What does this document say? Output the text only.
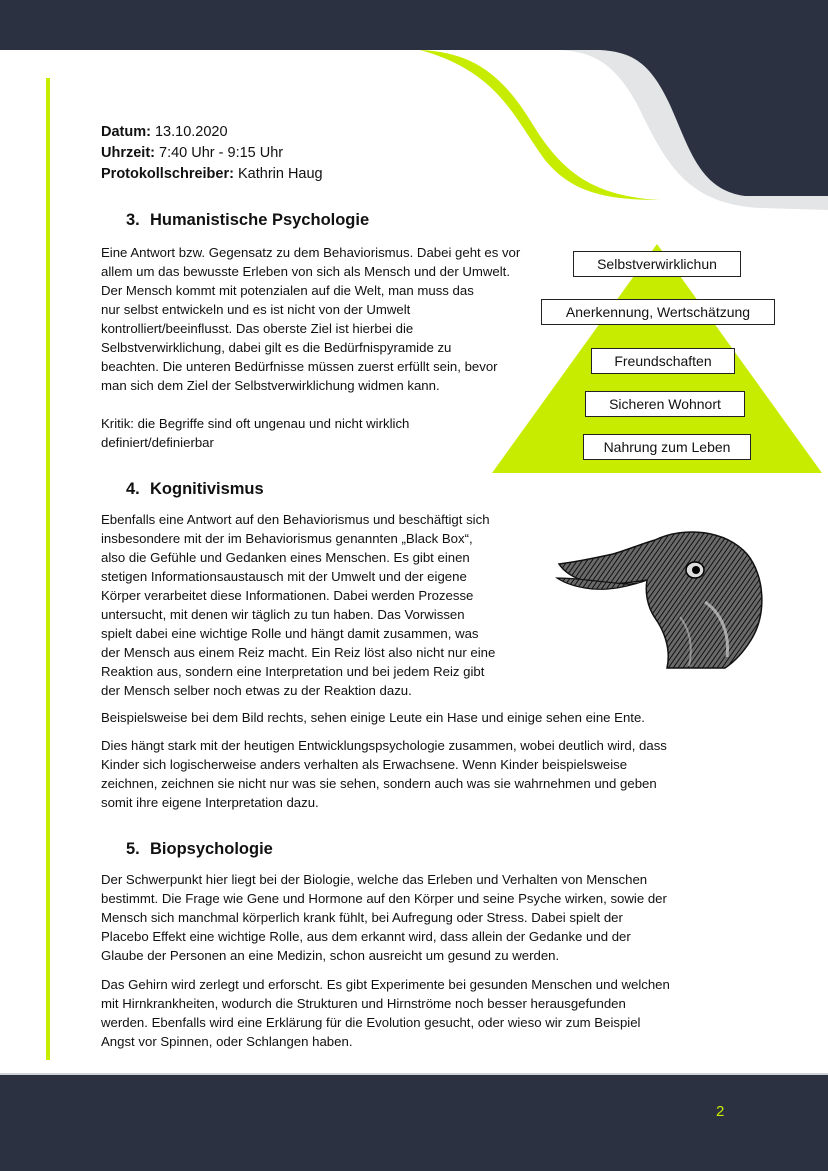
Datum: 13.10.2020
Uhrzeit: 7:40 Uhr - 9:15 Uhr
Protokollschreiber: Kathrin Haug
3. Humanistische Psychologie
Eine Antwort bzw. Gegensatz zu dem Behaviorismus. Dabei geht es vor
allem um das bewusste Erleben von sich als Mensch und der Umwelt.
Der Mensch kommt mit potenzialen auf die Welt, man muss das
nur selbst entwickeln und es ist nicht von der Umwelt
kontrolliert/beeinflusst. Das oberste Ziel ist hierbei die
Selbstverwirklichung, dabei gilt es die Bedürfnispyramide zu
beachten. Die unteren Bedürfnisse müssen zuerst erfüllt sein, bevor
man sich dem Ziel der Selbstverwirklichung widmen kann.
Kritik: die Begriffe sind oft ungenau und nicht wirklich
definiert/definierbar
Selbstverwirklichun
Anerkennung, Wertschätzung
Freundschaften
Sicheren Wohnort
Nahrung zum Leben
4. Kognitivismus
Ebenfalls eine Antwort auf den Behaviorismus und beschäftigt sich
insbesondere mit der im Behaviorismus genannten „Black Box“,
also die Gefühle und Gedanken eines Menschen. Es gibt einen
stetigen Informationsaustausch mit der Umwelt und der eigene
Körper verarbeitet diese Informationen. Dabei werden Prozesse
untersucht, mit denen wir täglich zu tun haben. Das Vorwissen
spielt dabei eine wichtige Rolle und hängt damit zusammen, was
der Mensch aus einem Reiz macht. Ein Reiz löst also nicht nur eine
Reaktion aus, sondern eine Interpretation und bei jedem Reiz gibt
der Mensch selber noch etwas zu der Reaktion dazu.
Beispielsweise bei dem Bild rechts, sehen einige Leute ein Hase und einige sehen eine Ente.
Dies hängt stark mit der heutigen Entwicklungspsychologie zusammen, wobei deutlich wird, dass
Kinder sich logischerweise anders verhalten als Erwachsene. Wenn Kinder beispielsweise
zeichnen, zeichnen sie nicht nur was sie sehen, sondern auch was sie wahrnehmen und geben
somit ihre eigene Interpretation dazu.
5. Biopsychologie
Der Schwerpunkt hier liegt bei der Biologie, welche das Erleben und Verhalten von Menschen
bestimmt. Die Frage wie Gene und Hormone auf den Körper und seine Psyche wirken, sowie der
Mensch sich manchmal körperlich krank fühlt, bei Aufregung oder Stress. Dabei spielt der
Placebo Effekt eine wichtige Rolle, aus dem erkannt wird, dass allein der Gedanke und der
Glaube der Personen an eine Medizin, schon ausreicht um gesund zu werden.
Das Gehirn wird zerlegt und erforscht. Es gibt Experimente bei gesunden Menschen und welchen
mit Hirnkrankheiten, wodurch die Strukturen und Hirnströme noch besser herausgefunden
werden. Ebenfalls wird eine Erklärung für die Evolution gesucht, oder wieso wir zum Beispiel
Angst vor Spinnen, oder Schlangen haben.
2
